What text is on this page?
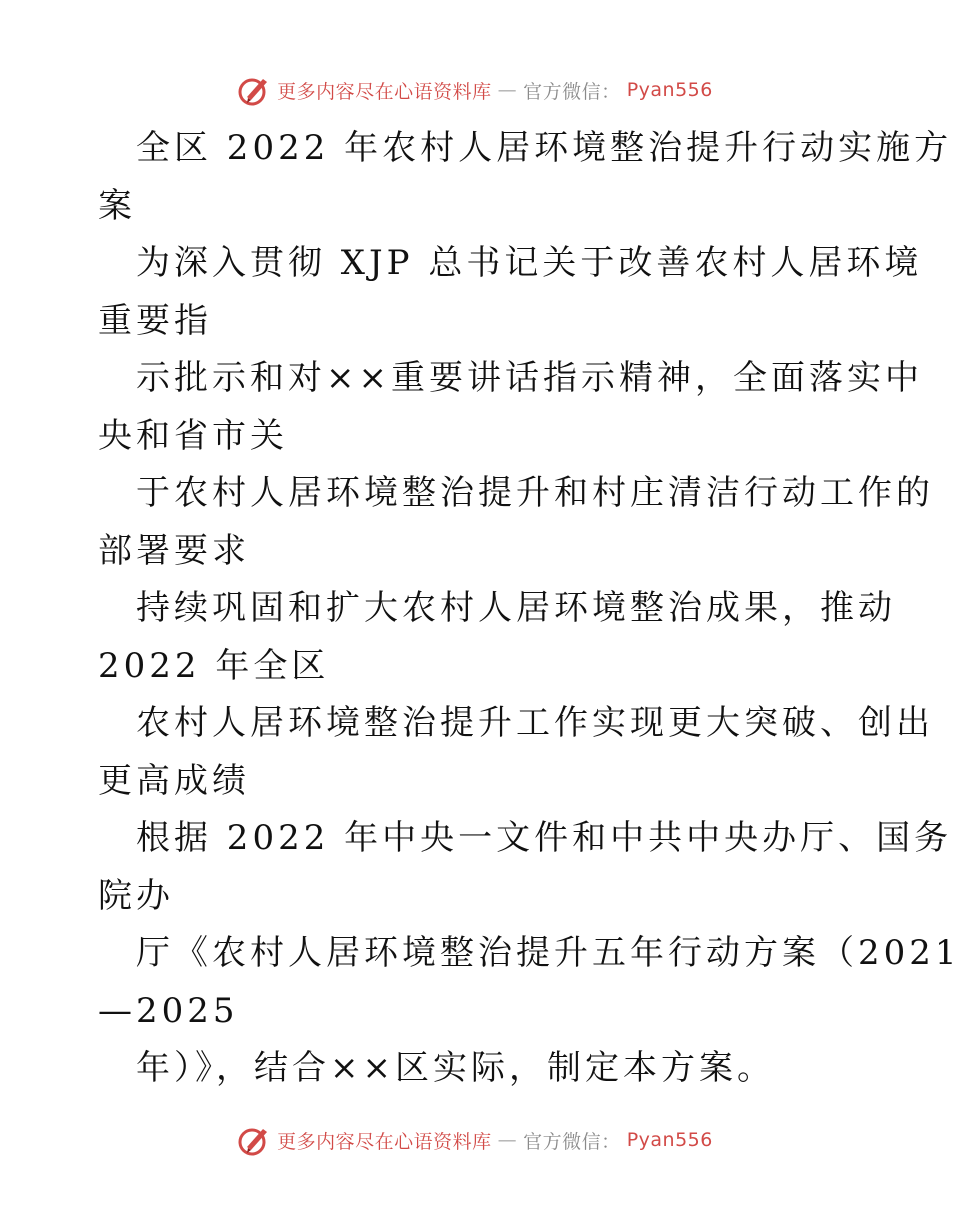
更多内容尽在心语资料库 — 官方微信： Pyan556
全区 2022 年农村人居环境整治提升行动实施方
案
为深入贯彻 XJP 总书记关于改善农村人居环境
重要指
示批示和对××重要讲话指示精神，全面落实中
央和省市关
于农村人居环境整治提升和村庄清洁行动工作的
部署要求
持续巩固和扩大农村人居环境整治成果，推动
2022 年全区
农村人居环境整治提升工作实现更大突破、创出
更高成绩
根据 2022 年中央一文件和中共中央办厅、国务
院办
厅《农村人居环境整治提升五年行动方案（2021
—2025
年）》，结合××区实际，制定本方案。
更多内容尽在心语资料库 — 官方微信： Pyan556
